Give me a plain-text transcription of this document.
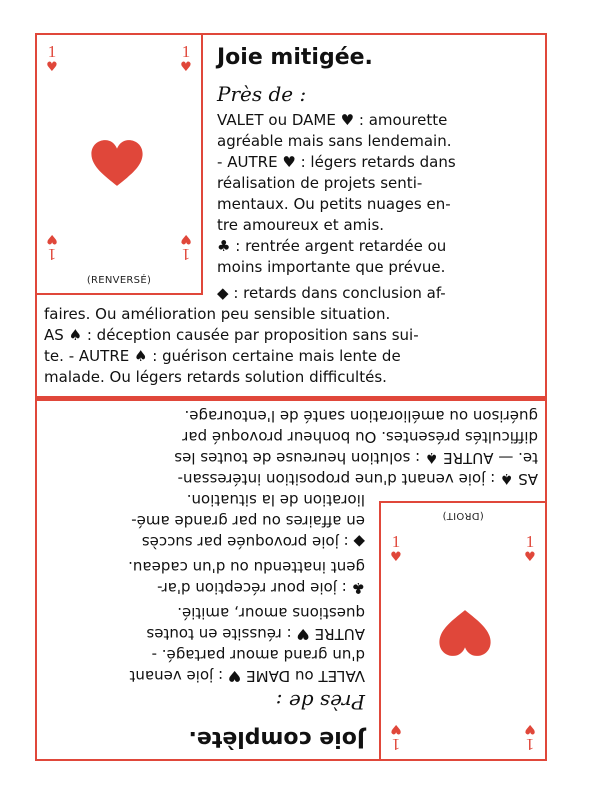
1
♥
1
♥
1
♥
1
♥
(RENVERSÉ)
Joie mitigée.
Près de :
VALET ou DAME ♥ : amourette
agréable mais sans lendemain.
- AUTRE ♥ : légers retards dans
réalisation de projets senti-
mentaux. Ou petits nuages en-
tre amoureux et amis.
♣ : rentrée argent retardée ou
moins importante que prévue.
◆ : retards dans conclusion af-
faires. Ou amélioration peu sensible situation.
AS ♠ : déception causée par proposition sans sui-
te. - AUTRE ♠ : guérison certaine mais lente de
malade. Ou légers retards solution difcultés.
1
♥
1
♥
1
♥
1
♥
(DROIT)
Joie complète.
Près de :
VALET ou DAME ♥ : joie venant
d'un grand amour partagé. -
AUTRE ♥ : réussite en toutes
questions amour, amitié.
♣ : joie pour réception d'ar-
gent inattendu ou d'un cadeau.
◆ : joie provoquée par succès
en afaires ou par grande amé-
lioration de la situation.
AS ♠ : joie venant d'une proposition intéressan-
te. — AUTRE ♠ : solution heureuse de toutes les
difcultés présentes. Ou bonheur provoqué par
guérison ou amélioration santé de l'entourage.
